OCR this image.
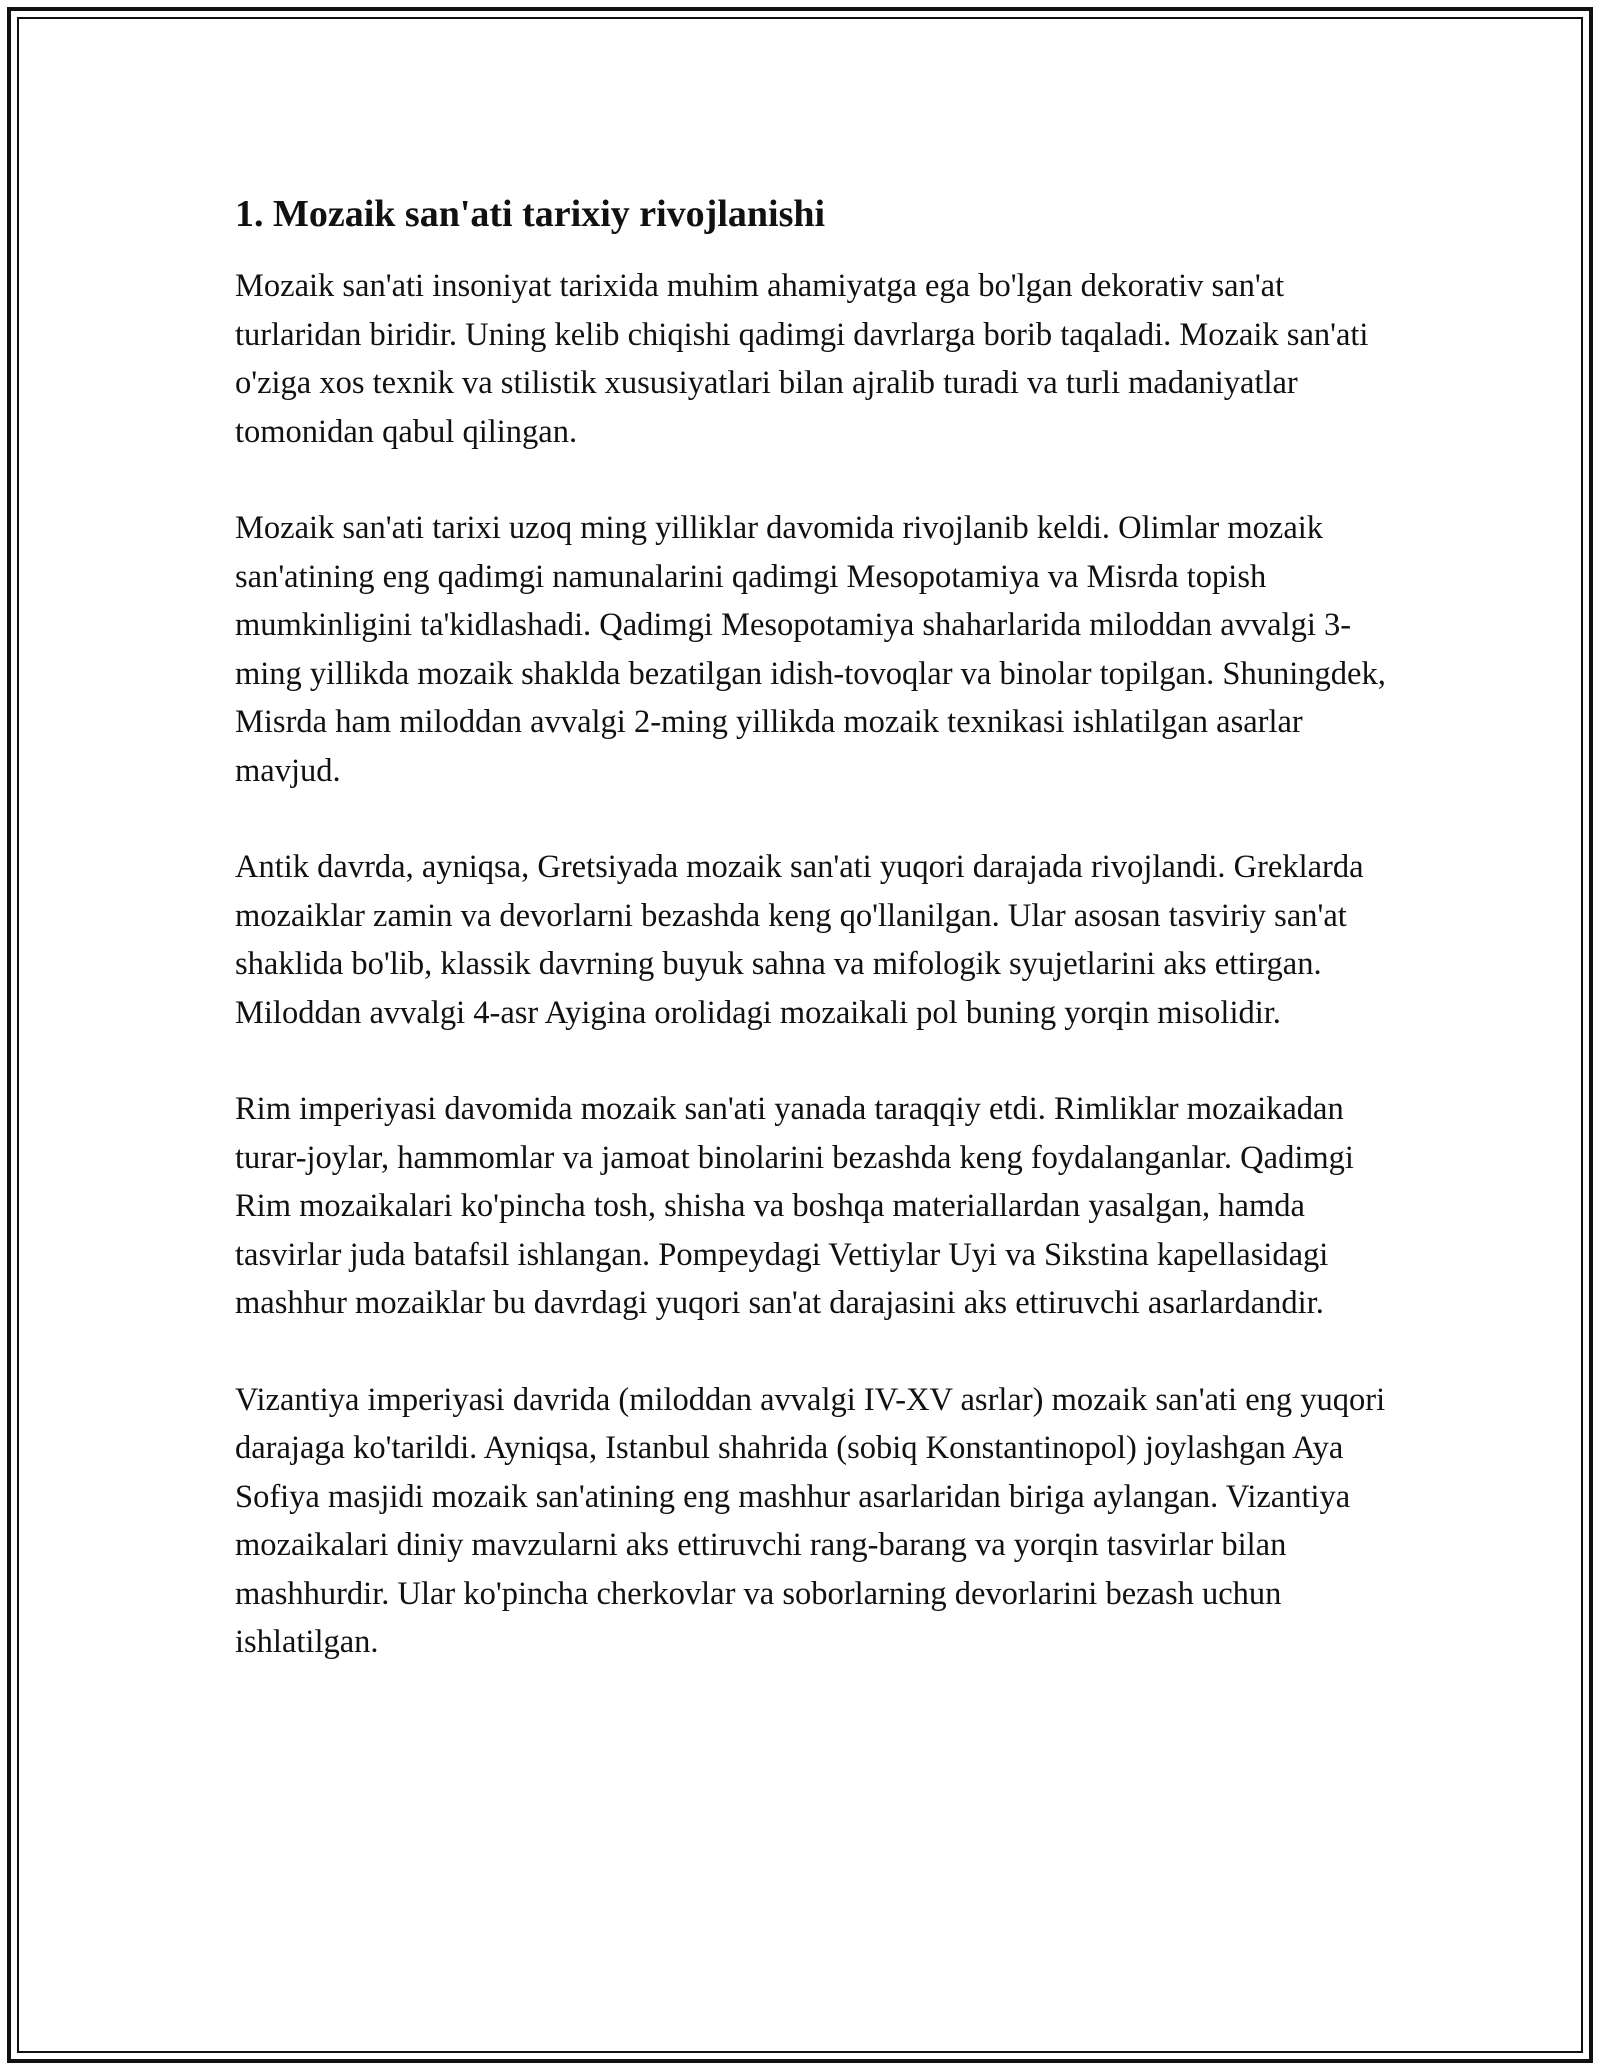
1. Mozaik san'ati tarixiy rivojlanishi

Mozaik san'ati insoniyat tarixida muhim ahamiyatga ega bo'lgan dekorativ san'at turlaridan biridir. Uning kelib chiqishi qadimgi davrlarga borib taqaladi. Mozaik san'ati o'ziga xos texnik va stilistik xususiyatlari bilan ajralib turadi va turli madaniyatlar tomonidan qabul qilingan.

Mozaik san'ati tarixi uzoq ming yilliklar davomida rivojlanib keldi. Olimlar mozaik san'atining eng qadimgi namunalarini qadimgi Mesopotamiya va Misrda topish mumkinligini ta'kidlashadi. Qadimgi Mesopotamiya shaharlarida miloddan avvalgi 3-ming yillikda mozaik shaklda bezatilgan idish-tovoqlar va binolar topilgan. Shuningdek, Misrda ham miloddan avvalgi 2-ming yillikda mozaik texnikasi ishlatilgan asarlar mavjud.

Antik davrda, ayniqsa, Gretsiyada mozaik san'ati yuqori darajada rivojlandi. Greklarda mozaiklar zamin va devorlarni bezashda keng qo'llanilgan. Ular asosan tasviriy san'at shaklida bo'lib, klassik davrning buyuk sahna va mifologik syujetlarini aks ettirgan. Miloddan avvalgi 4-asr Ayigina orolidagi mozaikali pol buning yorqin misolidir.

Rim imperiyasi davomida mozaik san'ati yanada taraqqiy etdi. Rimliklar mozaikadan turar-joylar, hammomlar va jamoat binolarini bezashda keng foydalanganlar. Qadimgi Rim mozaikalari ko'pincha tosh, shisha va boshqa materiallardan yasalgan, hamda tasvirlar juda batafsil ishlangan. Pompeydagi Vettiylar Uyi va Sikstina kapellasidagi mashhur mozaiklar bu davrdagi yuqori san'at darajasini aks ettiruvchi asarlardandir.

Vizantiya imperiyasi davrida (miloddan avvalgi IV-XV asrlar) mozaik san'ati eng yuqori darajaga ko'tarildi. Ayniqsa, Istanbul shahrida (sobiq Konstantinopol) joylashgan Aya Sofiya masjidi mozaik san'atining eng mashhur asarlaridan biriga aylangan. Vizantiya mozaikalari diniy mavzularni aks ettiruvchi rang-barang va yorqin tasvirlar bilan mashhurdir. Ular ko'pincha cherkovlar va soborlarning devorlarini bezash uchun ishlatilgan.
